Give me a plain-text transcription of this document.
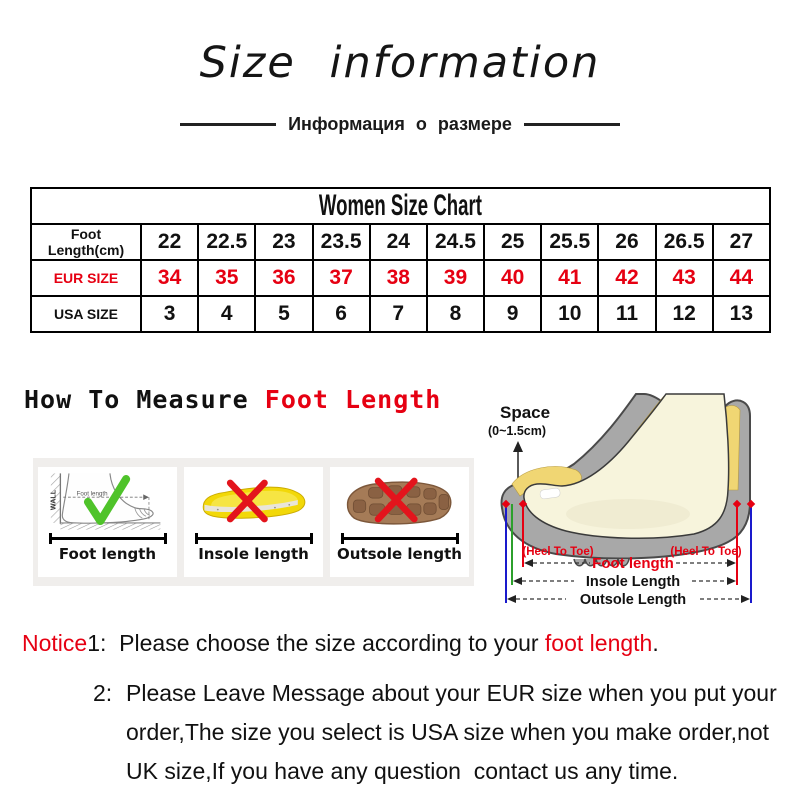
Size information
Информация о размере
Women Size Chart											
Foot Length(cm)	22	22.5	23	23.5	24	24.5	25	25.5	26	26.5	27
EUR SIZE	34	35	36	37	38	39	40	41	42	43	44
USA SIZE	3	4	5	6	7	8	9	10	11	12	13
How To Measure Foot Length
WALL	Foot length
Foot length	Insole length Outsole length
Space
(0~1.5cm)
(Heel To Toe)	(Heel To Toe)
Foot length
Insole Length
Outsole Length
Notice1: Please choose the size according to your foot length.
2: Please Leave Message about your EUR size when you put your
order,The size you select is USA size when you make order,not
UK size,If you have any question  contact us any time.
